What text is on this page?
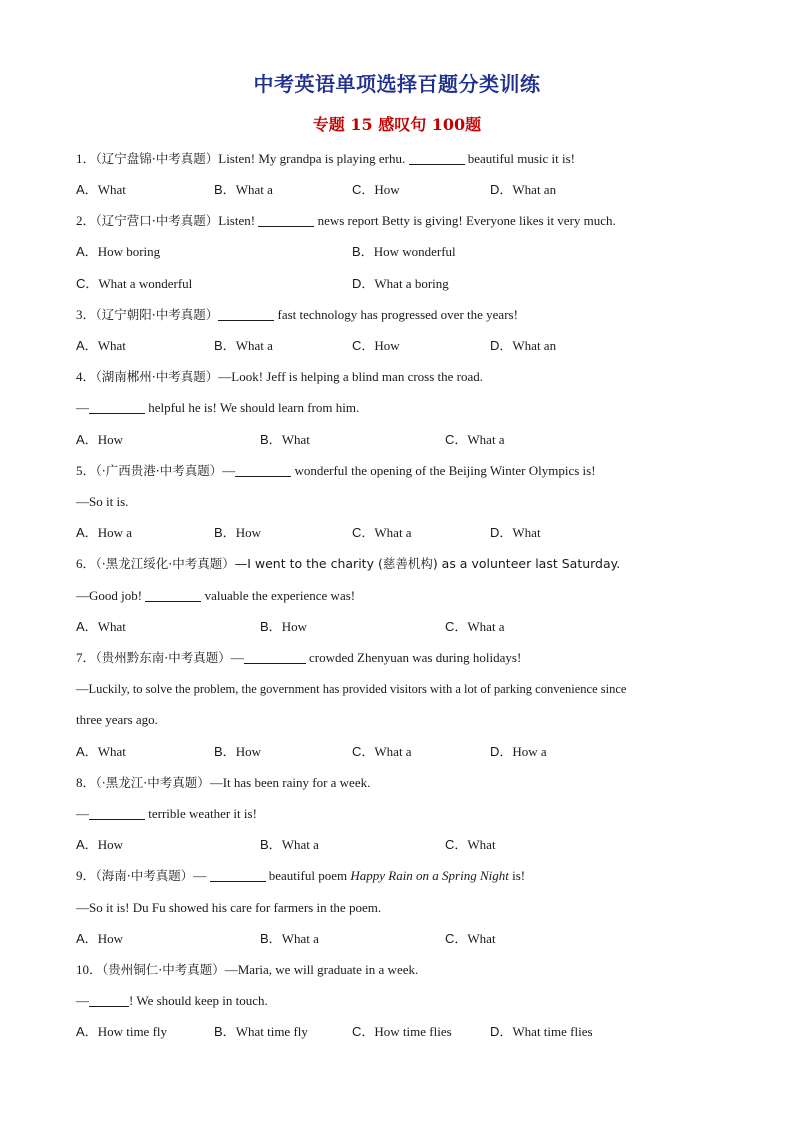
中考英语单项选择百题分类训练
专题 15 感叹句 100题
1．（辽宁盘锦·中考真题）Listen! My grandpa is playing erhu.	beautiful music it is!
A．What	B．What a	C．How	D．What an
2．（辽宁营口·中考真题）Listen!	news report Betty is giving! Everyone likes it very much.
A．How boring	B．How wonderful
C．What a wonderful	D．What a boring
3．（辽宁朝阳·中考真题）	fast technology has progressed over the years!
A．What	B．What a	C．How	D．What an
4．（湖南郴州·中考真题）—Look! Jeff is helping a blind man cross the road.
—	helpful he is! We should learn from him.
A．How	B．What	C．What a
5．（·广西贵港·中考真题）—	wonderful the opening of the Beijing Winter Olympics is!
—So it is.
A．How a	B．How	C．What a	D．What
6．（·黑龙江绥化·中考真题）—I went to the charity (慈善机构) as a volunteer last Saturday.
—Good job!	valuable the experience was!
A．What	B．How	C．What a
7．（贵州黔东南·中考真题）—	crowded Zhenyuan was during holidays!
—Luckily, to solve the problem, the government has provided visitors with a lot of parking convenience since
three years ago.
A．What	B．How	C．What a	D．How a
8．（·黑龙江·中考真题）—It has been rainy for a week.
—	terrible weather it is!
A．How	B．What a	C．What
9．（海南·中考真题）—	beautiful poem Happy Rain on a Spring Night is!
—So it is! Du Fu showed his care for farmers in the poem.
A．How	B．What a	C．What
10．（贵州铜仁·中考真题）—Maria, we will graduate in a week.
—	! We should keep in touch.
A．How time fly	B．What time fly	C．How time flies	D．What time flies
